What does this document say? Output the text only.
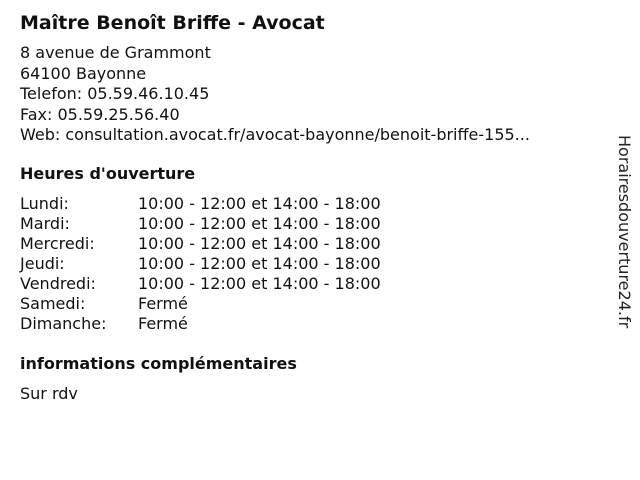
Maître Benoît Briffe - Avocat
8 avenue de Grammont
64100 Bayonne
Telefon: 05.59.46.10.45
Fax: 05.59.25.56.40
Web: consultation.avocat.fr/avocat-bayonne/benoit-briffe-155...
Heures d'ouverture
Lundi:	10:00 - 12:00 et 14:00 - 18:00
Mardi:	10:00 - 12:00 et 14:00 - 18:00
Mercredi:	10:00 - 12:00 et 14:00 - 18:00
Jeudi:	10:00 - 12:00 et 14:00 - 18:00
Vendredi:	10:00 - 12:00 et 14:00 - 18:00
Samedi:	Fermé
Dimanche: Fermé
informations complémentaires
Sur rdv
Horairesdouverture24.fr
